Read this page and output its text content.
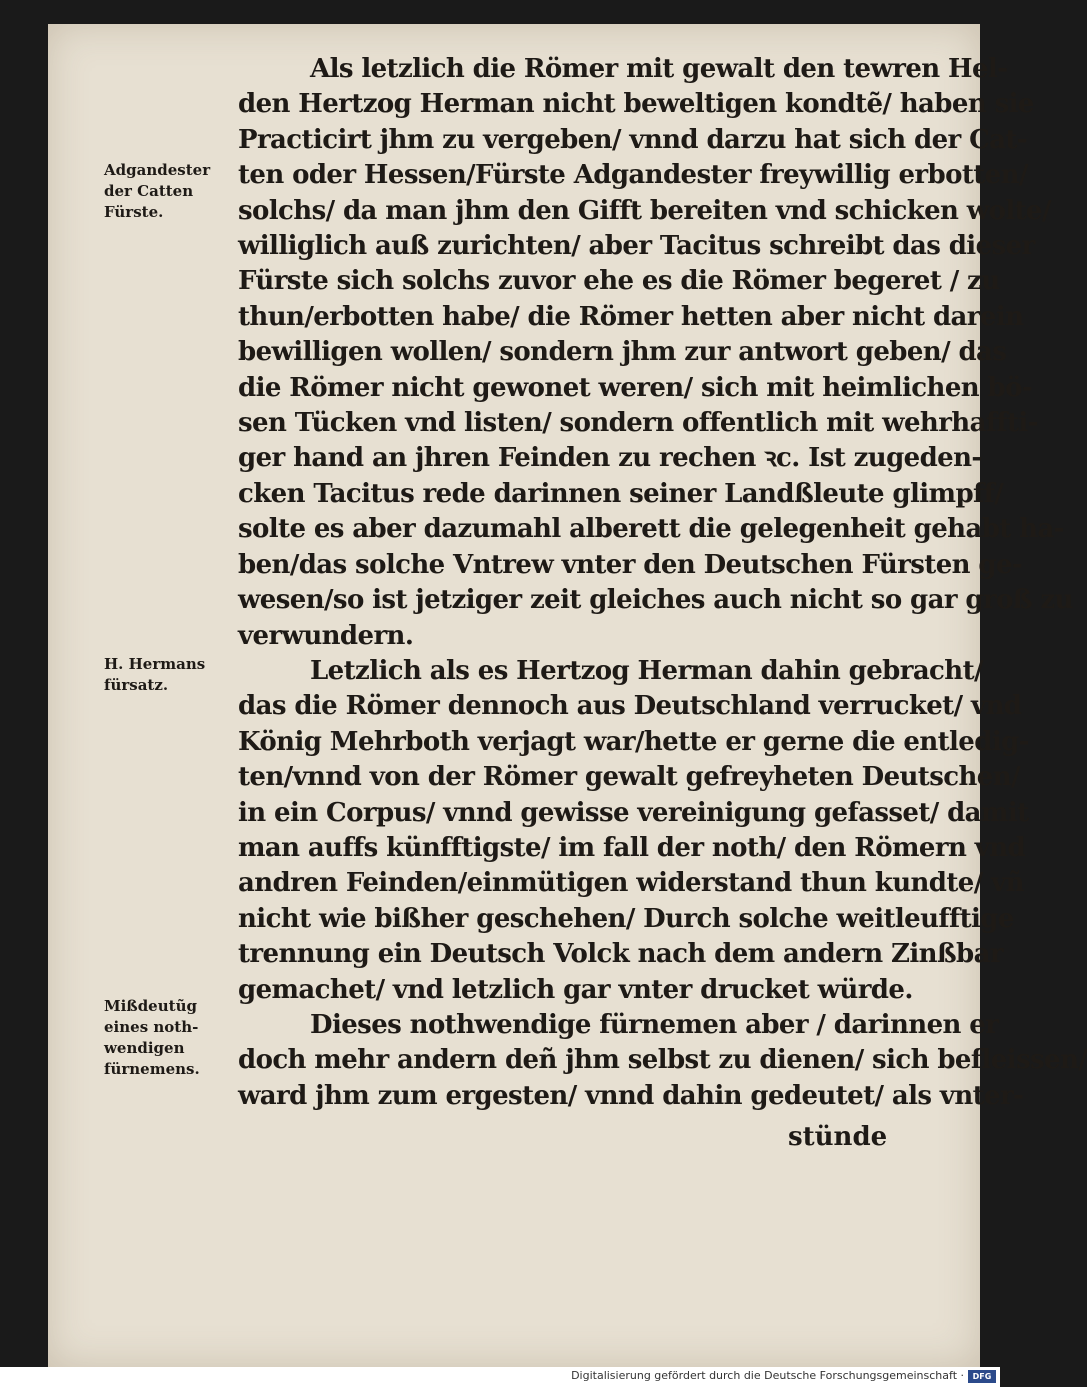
Als letzlich die Römer mit gewalt den tewren Hel-
den Hertzog Herman nicht beweltigen kondtẽ/ haben sie
Practicirt jhm zu vergeben/ vnnd darzu hat sich der Cat-
ten oder Hessen/Fürste Adgandester freywillig erbotten/
solchs/ da man jhm den Gifft bereiten vnd schicken wolte/
williglich auß zurichten/ aber Tacitus schreibt das dieser
Fürste sich solchs zuvor ehe es die Römer begeret / zu
thun/erbotten habe/ die Römer hetten aber nicht darein
bewilligen wollen/ sondern jhm zur antwort geben/ das
die Römer nicht gewonet weren/ sich mit heimlichen bö-
sen Tücken vnd listen/ sondern offentlich mit wehrhaffti-
ger hand an jhren Feinden zu rechen ꝛc. Ist zugeden-
cken Tacitus rede darinnen seiner Landßleute glimpff/
solte es aber dazumahl alberett die gelegenheit gehabt ha-
ben/das solche Vntrew vnter den Deutschen Fürsten ge-
wesen/so ist jetziger zeit gleiches auch nicht so gar groß zu
verwundern.
Letzlich als es Hertzog Herman dahin gebracht/
das die Römer dennoch aus Deutschland verrucket/ vnd
König Mehrboth verjagt war/hette er gerne die entledig-
ten/vnnd von der Römer gewalt gefreyheten Deutschen/
in ein Corpus/ vnnd gewisse vereinigung gefasset/ damit
man auffs künfftigste/ im fall der noth/ den Römern vnd
andren Feinden/einmütigen widerstand thun kundte/ vñ
nicht wie bißher geschehen/ Durch solche weitleufftige
trennung ein Deutsch Volck nach dem andern Zinßbar
gemachet/ vnd letzlich gar vnter drucket würde.
Dieses nothwendige fürnemen aber / darinnen er
doch mehr andern deñ jhm selbst zu dienen/ sich befleissen/
ward jhm zum ergesten/ vnnd dahin gedeutet/ als vnter-
stünde
Adgandester
der Catten
Fürste.
H. Hermans
fürsatz.
Mißdeutũg
eines noth-
wendigen
fürnemens.
Digitalisierung gefördert durch die Deutsche Forschungsgemeinschaft ·	DFG
